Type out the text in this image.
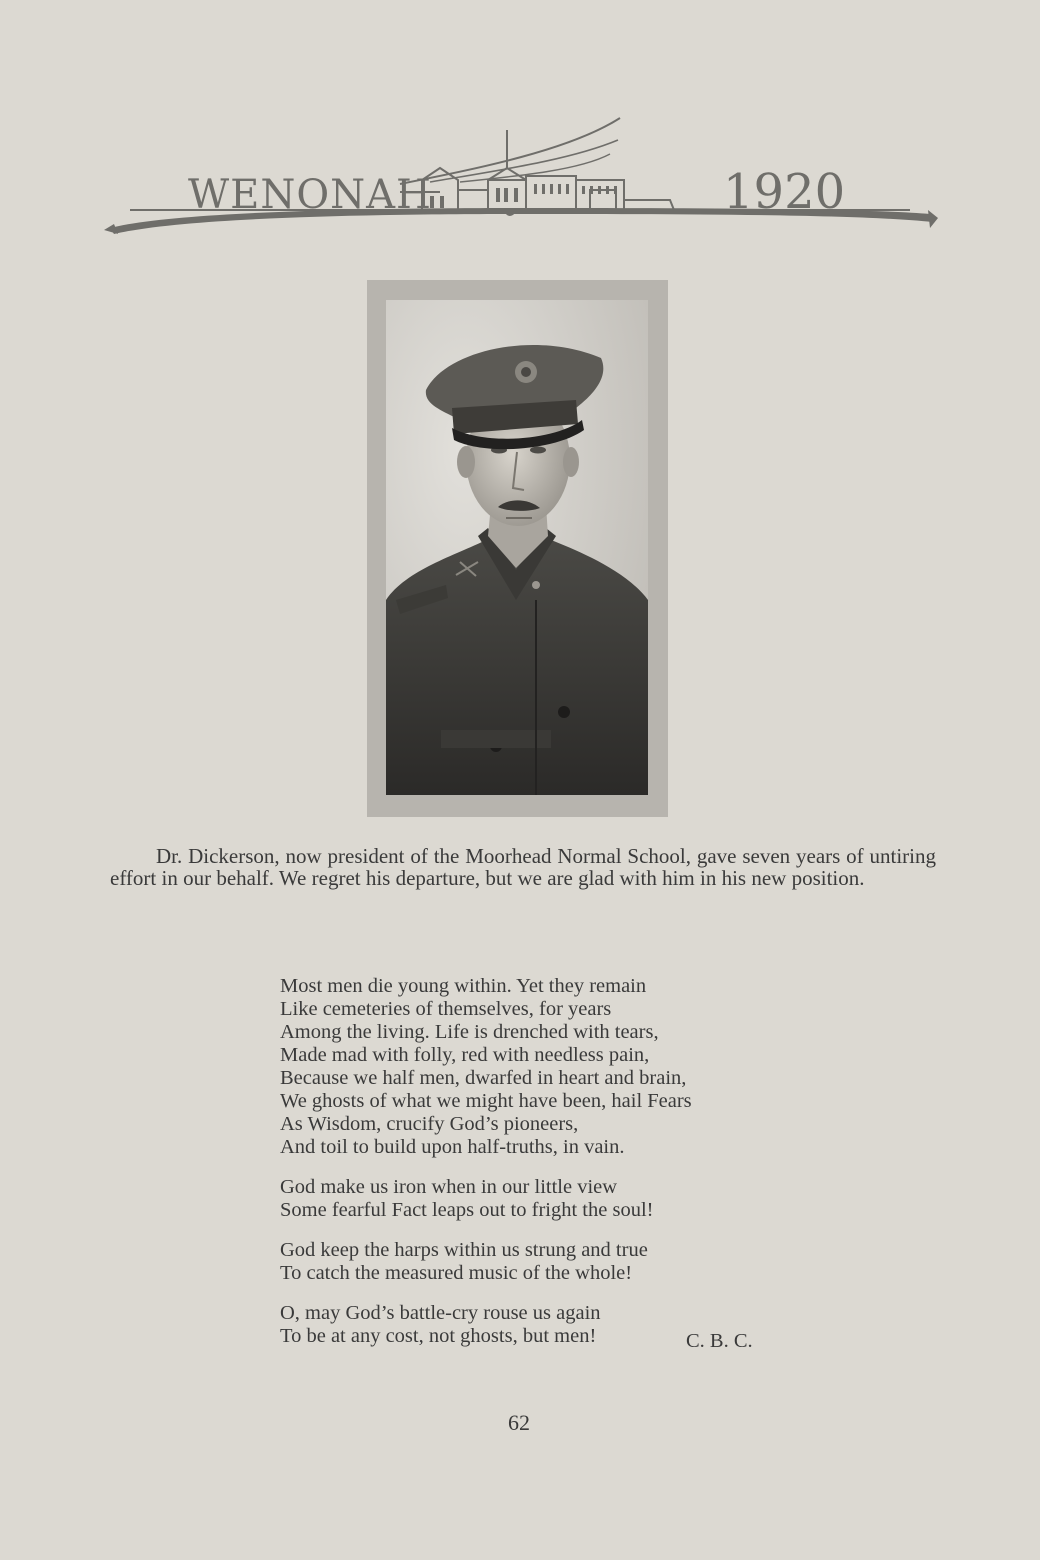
WENONAH	1920

Dr. Dickerson, now president of the Moorhead Normal School, gave seven years of untiring effort in our behalf. We regret his departure, but we are glad with him in his new position.

Most men die young within. Yet they remain
Like cemeteries of themselves, for years
Among the living. Life is drenched with tears,
Made mad with folly, red with needless pain,
Because we half men, dwarfed in heart and brain,
We ghosts of what we might have been, hail Fears
As Wisdom, crucify God’s pioneers,
And toil to build upon half-truths, in vain.
God make us iron when in our little view
Some fearful Fact leaps out to fright the soul!
God keep the harps within us strung and true
To catch the measured music of the whole!
O, may God’s battle-cry rouse us again
To be at any cost, not ghosts, but men!	C. B. C.
62
